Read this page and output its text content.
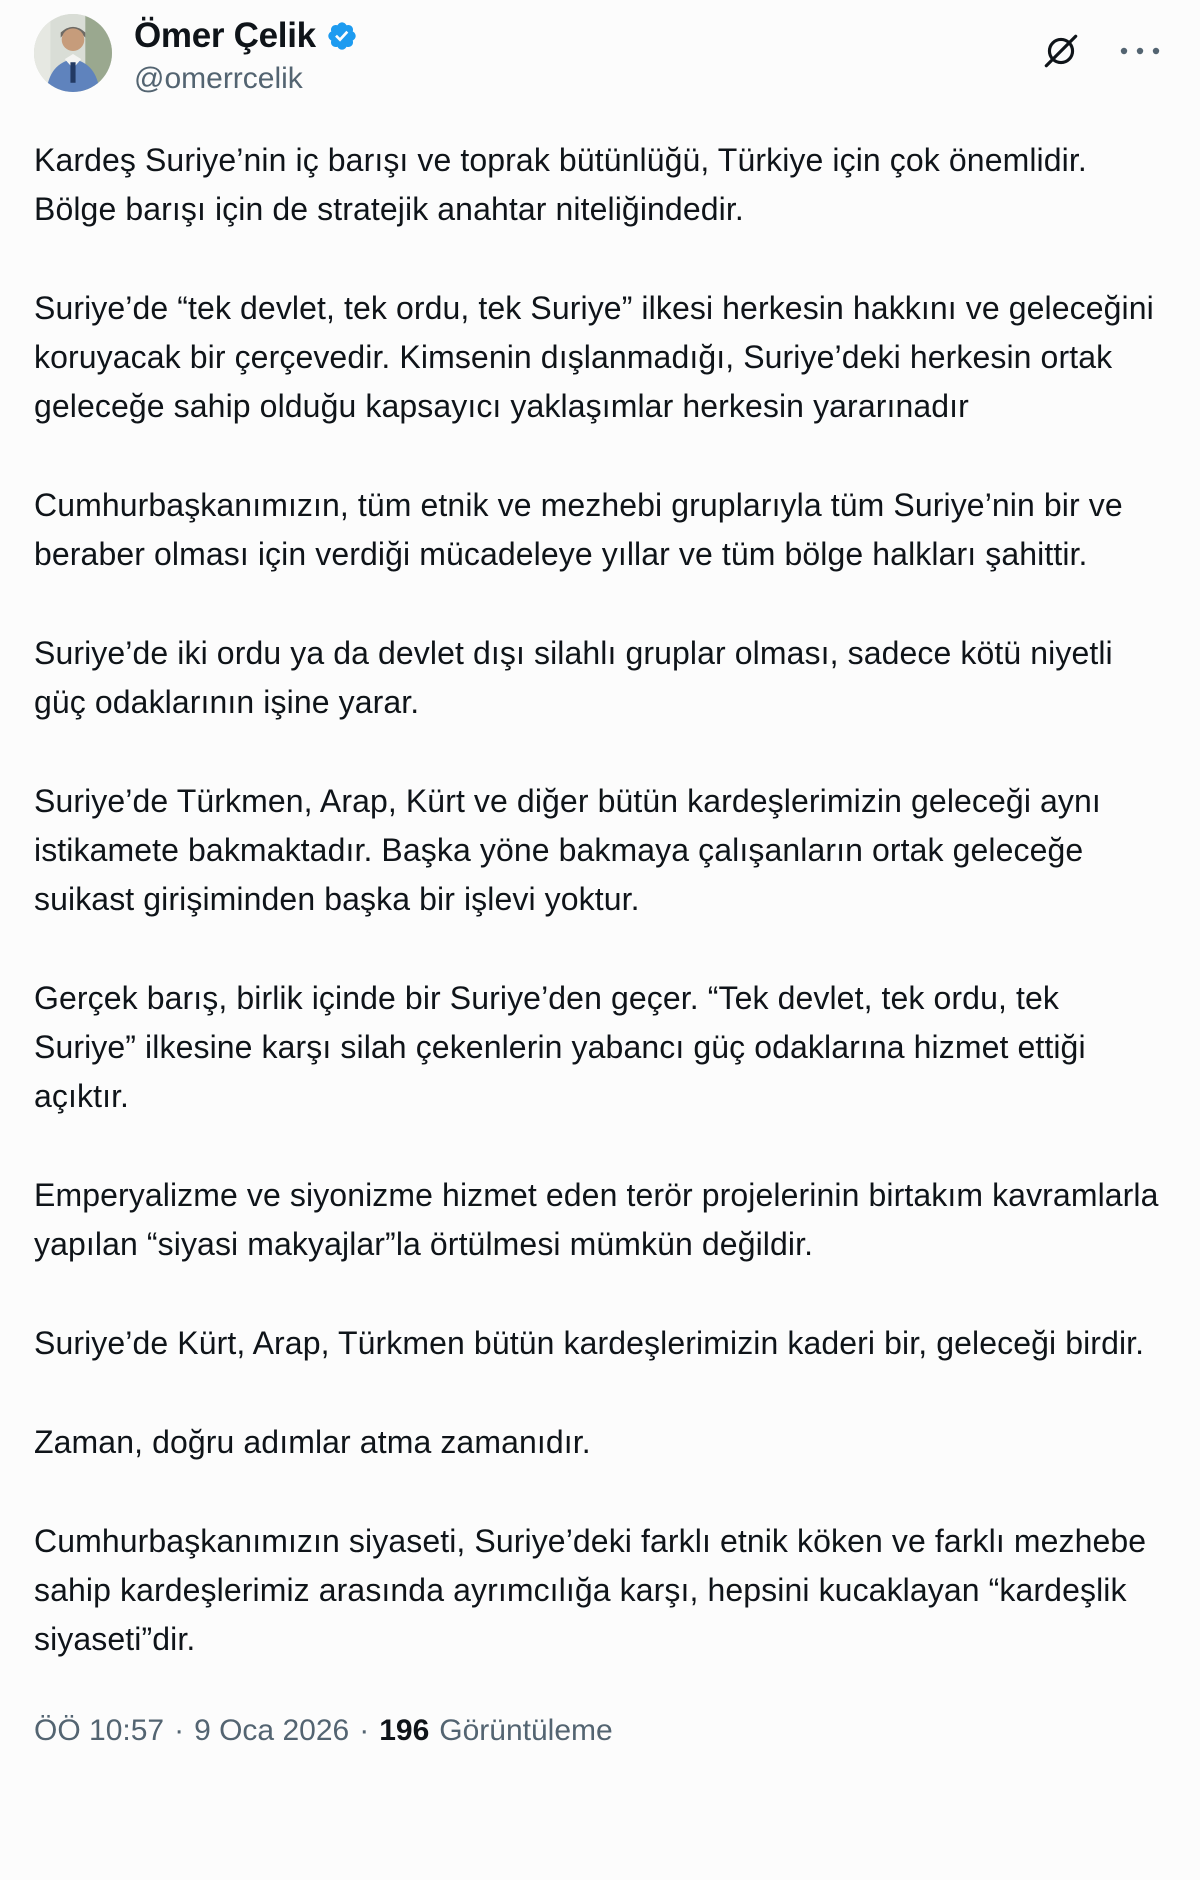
Ömer Çelik
@omerrcelik

Kardeş Suriye’nin iç barışı ve toprak bütünlüğü, Türkiye için çok önemlidir. Bölge barışı için de stratejik anahtar niteliğindedir.

Suriye’de “tek devlet, tek ordu, tek Suriye” ilkesi herkesin hakkını ve geleceğini koruyacak bir çerçevedir. Kimsenin dışlanmadığı, Suriye’deki herkesin ortak geleceğe sahip olduğu kapsayıcı yaklaşımlar herkesin yararınadır

Cumhurbaşkanımızın, tüm etnik ve mezhebi gruplarıyla tüm Suriye’nin bir ve beraber olması için verdiği mücadeleye yıllar ve tüm bölge halkları şahittir.

Suriye’de iki ordu ya da devlet dışı silahlı gruplar olması, sadece kötü niyetli güç odaklarının işine yarar.

Suriye’de Türkmen, Arap, Kürt ve diğer bütün kardeşlerimizin geleceği aynı istikamete bakmaktadır. Başka yöne bakmaya çalışanların ortak geleceğe suikast girişiminden başka bir işlevi yoktur.

Gerçek barış, birlik içinde bir Suriye’den geçer. “Tek devlet, tek ordu, tek Suriye” ilkesine karşı silah çekenlerin yabancı güç odaklarına hizmet ettiği açıktır.

Emperyalizme ve siyonizme hizmet eden terör projelerinin birtakım kavramlarla yapılan “siyasi makyajlar”la örtülmesi mümkün değildir.

Suriye’de Kürt, Arap, Türkmen bütün kardeşlerimizin kaderi bir, geleceği birdir.

Zaman, doğru adımlar atma zamanıdır.

Cumhurbaşkanımızın siyaseti, Suriye’deki farklı etnik köken ve farklı mezhebe sahip kardeşlerimiz arasında ayrımcılığa karşı, hepsini kucaklayan “kardeşlik siyaseti”dir.

ÖÖ 10:57 · 9 Oca 2026 · 196 Görüntüleme
